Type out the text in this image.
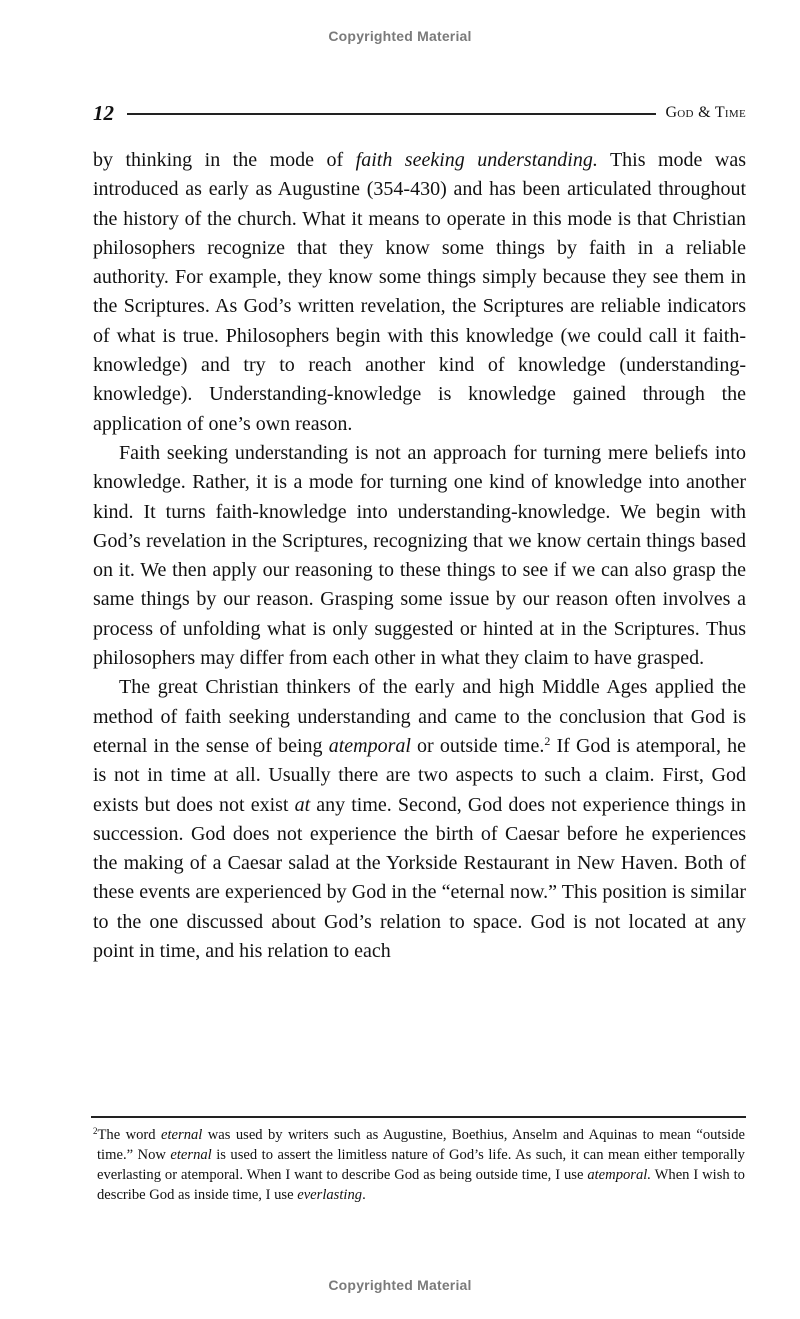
Copyrighted Material
12	God & Time

by thinking in the mode of faith seeking understanding. This mode was introduced as early as Augustine (354-430) and has been articulated throughout the history of the church. What it means to operate in this mode is that Christian philosophers recognize that they know some things by faith in a reliable authority. For example, they know some things simply because they see them in the Scriptures. As God’s written revelation, the Scriptures are reliable indicators of what is true. Philosophers begin with this knowledge (we could call it faith-knowledge) and try to reach another kind of knowledge (understanding-knowledge). Understanding-knowledge is knowledge gained through the application of one’s own reason.

Faith seeking understanding is not an approach for turning mere beliefs into knowledge. Rather, it is a mode for turning one kind of knowledge into another kind. It turns faith-knowledge into understanding-knowledge. We begin with God’s revelation in the Scriptures, recognizing that we know certain things based on it. We then apply our reasoning to these things to see if we can also grasp the same things by our reason. Grasping some issue by our reason often involves a process of unfolding what is only suggested or hinted at in the Scriptures. Thus philosophers may differ from each other in what they claim to have grasped.

The great Christian thinkers of the early and high Middle Ages applied the method of faith seeking understanding and came to the conclusion that God is eternal in the sense of being atemporal or outside time.$^2$ If God is atemporal, he is not in time at all. Usually there are two aspects to such a claim. First, God exists but does not exist at any time. Second, God does not experience things in succession. God does not experience the birth of Caesar before he experiences the making of a Caesar salad at the Yorkside Restaurant in New Haven. Both of these events are experienced by God in the “eternal now.” This position is similar to the one discussed about God’s relation to space. God is not located at any point in time, and his relation to each

$^2$The word eternal was used by writers such as Augustine, Boethius, Anselm and Aquinas to mean “outside time.” Now eternal is used to assert the limitless nature of God’s life. As such, it can mean either temporally everlasting or atemporal. When I want to describe God as being outside time, I use atemporal. When I wish to describe God as inside time, I use everlasting.

Copyrighted Material
